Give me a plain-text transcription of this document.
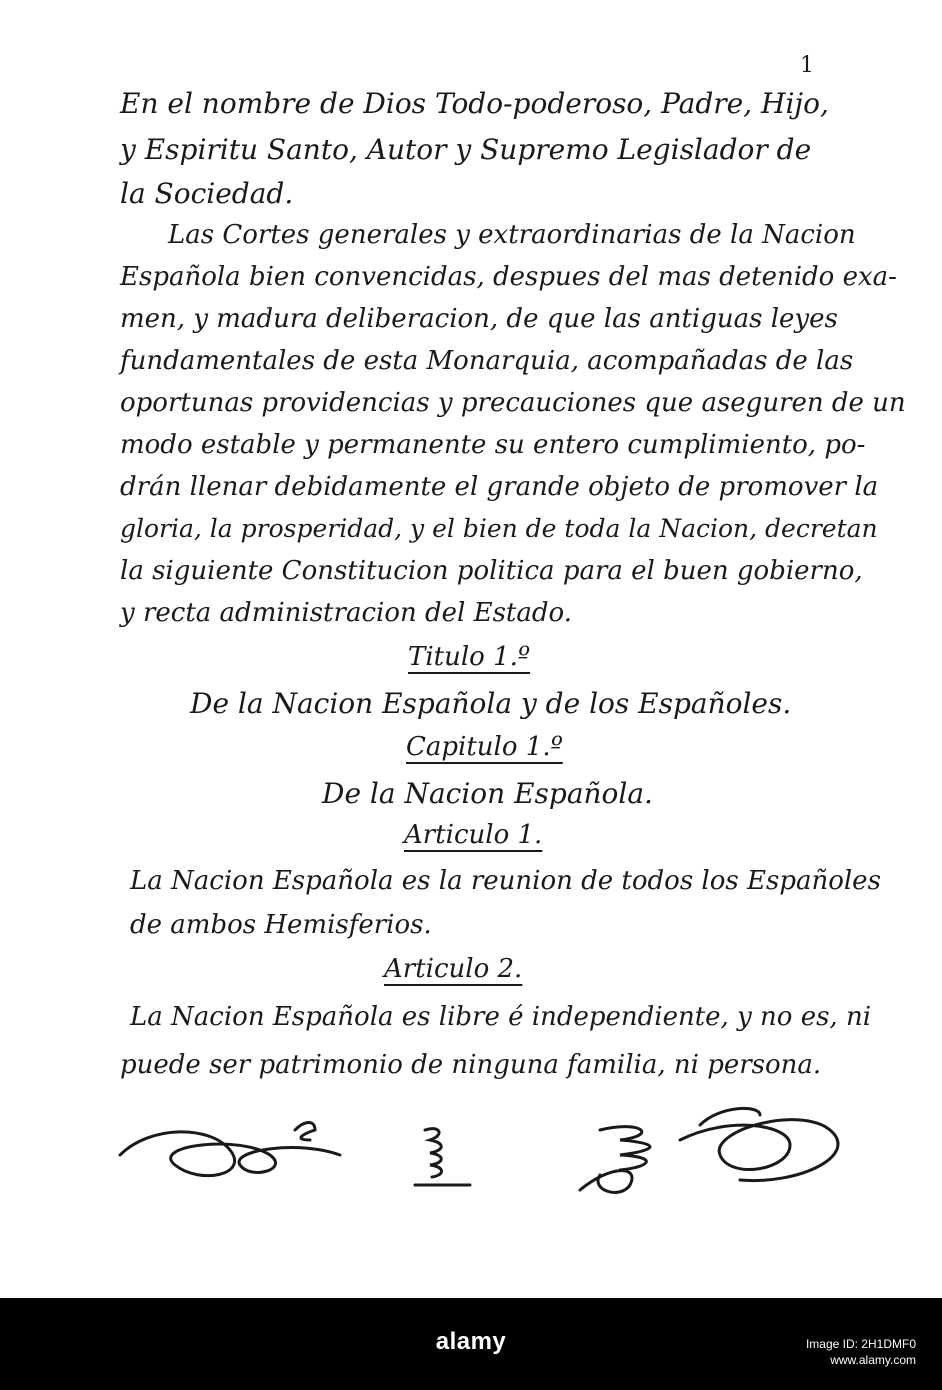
1
En el nombre de Dios Todo-poderoso, Padre, Hijo,
y Espiritu Santo, Autor y Supremo Legislador de
la Sociedad.
Las Cortes generales y extraordinarias de la Nacion
Española bien convencidas, despues del mas detenido exa-
men, y madura deliberacion, de que las antiguas leyes
fundamentales de esta Monarquia, acompañadas de las
oportunas providencias y precauciones que aseguren de un
modo estable y permanente su entero cumplimiento, po-
drán llenar debidamente el grande objeto de promover la
gloria, la prosperidad, y el bien de toda la Nacion, decretan
la siguiente Constitucion politica para el buen gobierno,
y recta administracion del Estado.
Titulo 1.º
De la Nacion Española y de los Españoles.
Capitulo 1.º
De la Nacion Española.
Articulo 1.
La Nacion Española es la reunion de todos los Españoles
de ambos Hemisferios.
Articulo 2.
La Nacion Española es libre é independiente, y no es, ni
puede ser patrimonio de ninguna familia, ni persona.
alamy	Image ID: 2H1DMF0
www.alamy.com
